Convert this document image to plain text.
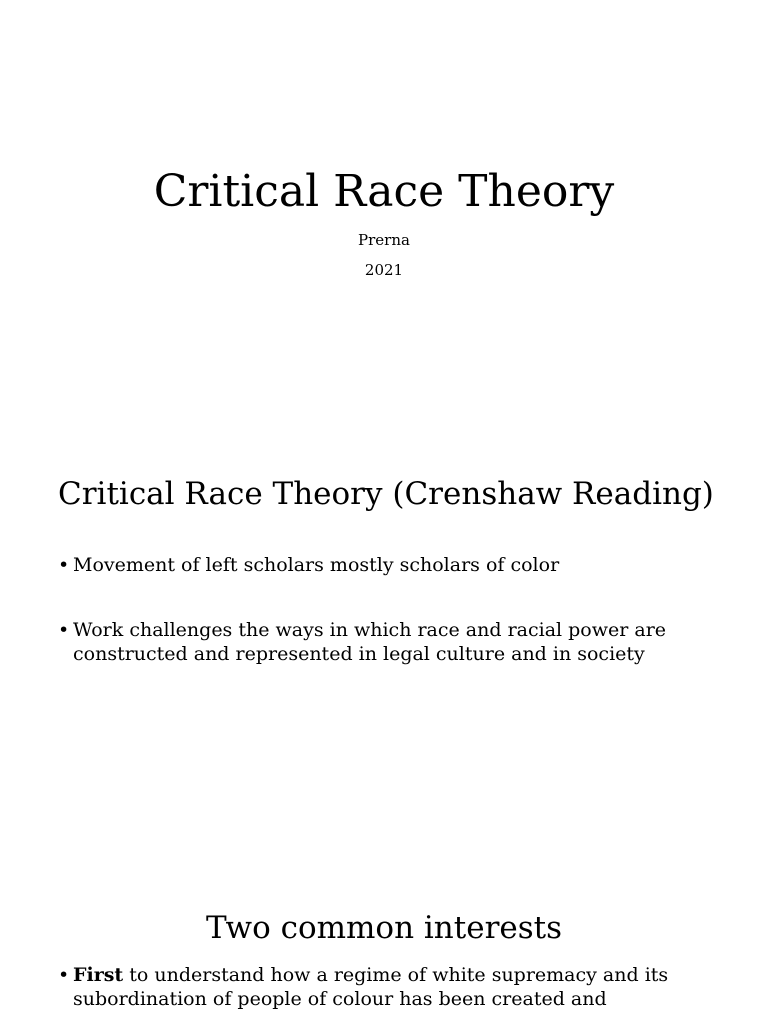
Critical Race Theory
Prerna
2021
Critical Race Theory (Crenshaw Reading)
• Movement of left scholars mostly scholars of color
• Work challenges the ways in which race and racial power are constructed and represented in legal culture and in society
Two common interests
• First to understand how a regime of white supremacy and its subordination of people of colour has been created and
